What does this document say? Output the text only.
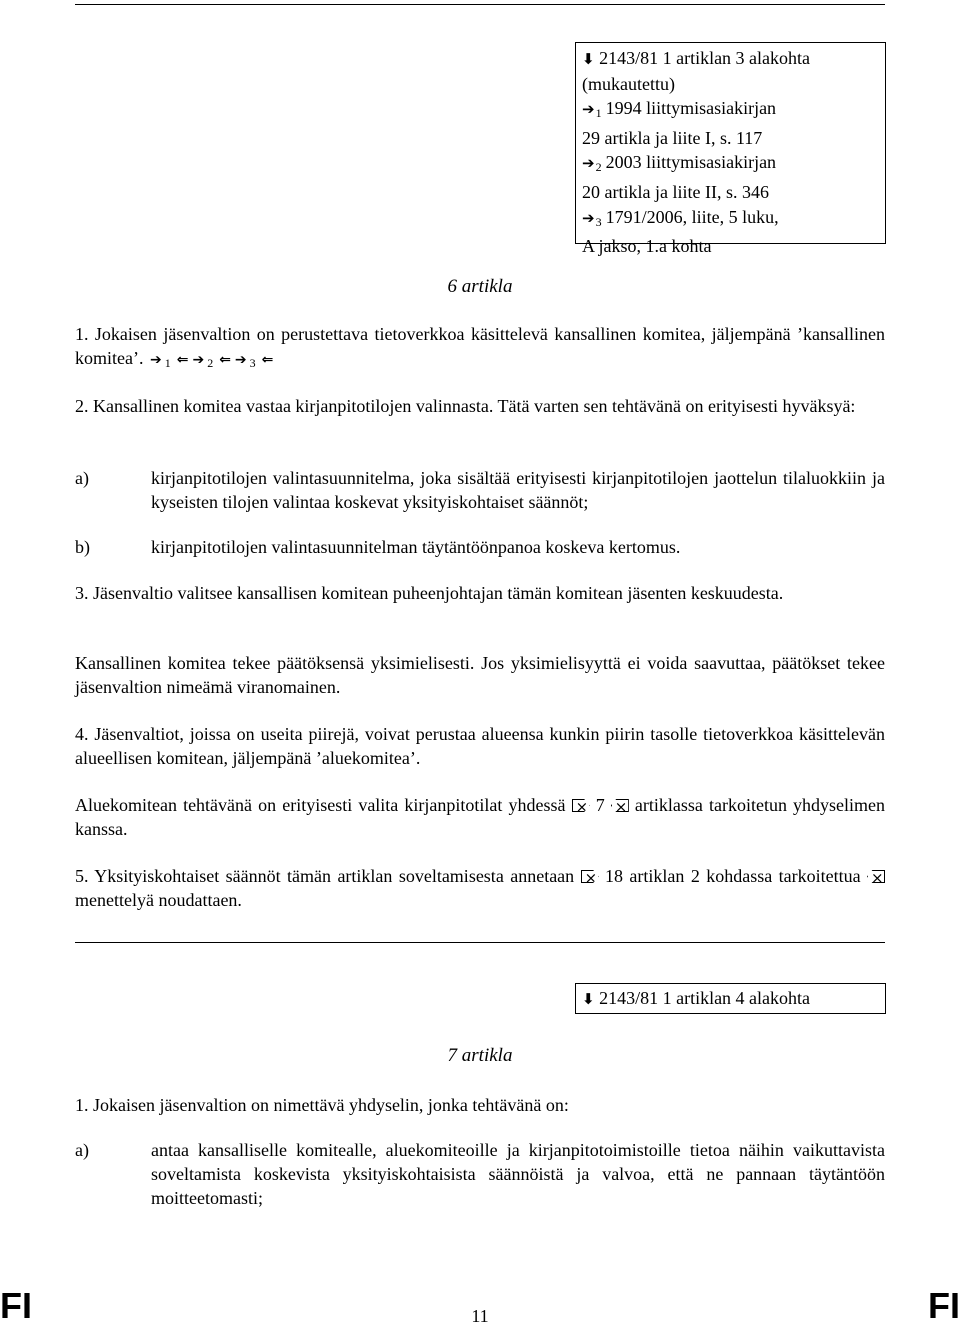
⬇ 2143/81 1 artiklan 3 alakohta
(mukautettu)
$➔_1$ 1994 liittymisasiakirjan
29 artikla ja liite I, s. 117
$➔_2$ 2003 liittymisasiakirjan
20 artikla ja liite II, s. 346
$➔_3$ 1791/2006, liite, 5 luku,
A jakso, 1.a kohta
6 artikla
1. Jokaisen jäsenvaltion on perustettava tietoverkkoa käsittelevä kansallinen komitea, jäljempänä ’kansallinen komitea’. ➔ $_1$ ⇐ ➔ $_2$ ⇐ ➔ $_3$ ⇐
2. Kansallinen komitea vastaa kirjanpitotilojen valinnasta. Tätä varten sen tehtävänä on erityisesti hyväksyä:
a)	kirjanpitotilojen valintasuunnitelma, joka sisältää erityisesti kirjanpitotilojen jaottelun tilaluokkiin ja kyseisten tilojen valintaa koskevat yksityiskohtaiset säännöt;
b)	kirjanpitotilojen valintasuunnitelman täytäntöönpanoa koskeva kertomus.
3. Jäsenvaltio valitsee kansallisen komitean puheenjohtajan tämän komitean jäsenten keskuudesta.
Kansallinen komitea tekee päätöksensä yksimielisesti. Jos yksimielisyyttä ei voida saavuttaa, päätökset tekee jäsenvaltion nimeämä viranomainen.
4. Jäsenvaltiot, joissa on useita piirejä, voivat perustaa alueensa kunkin piirin tasolle tietoverkkoa käsittelevän alueellisen komitean, jäljempänä ’aluekomitea’.
Aluekomitean tehtävänä on erityisesti valita kirjanpitotilat yhdessä × 7 × artiklassa tarkoitetun yhdyselimen kanssa.
5. Yksityiskohtaiset säännöt tämän artiklan soveltamisesta annetaan × 18 artiklan 2 kohdassa tarkoitettua × menettelyä noudattaen.
⬇ 2143/81 1 artiklan 4 alakohta
7 artikla
1. Jokaisen jäsenvaltion on nimettävä yhdyselin, jonka tehtävänä on:
a)	antaa kansalliselle komitealle, aluekomiteoille ja kirjanpitotoimistoille tietoa näihin vaikuttavista soveltamista koskevista yksityiskohtaisista säännöistä ja valvoa, että ne pannaan täytäntöön moitteetomasti;
FI	11	FI
